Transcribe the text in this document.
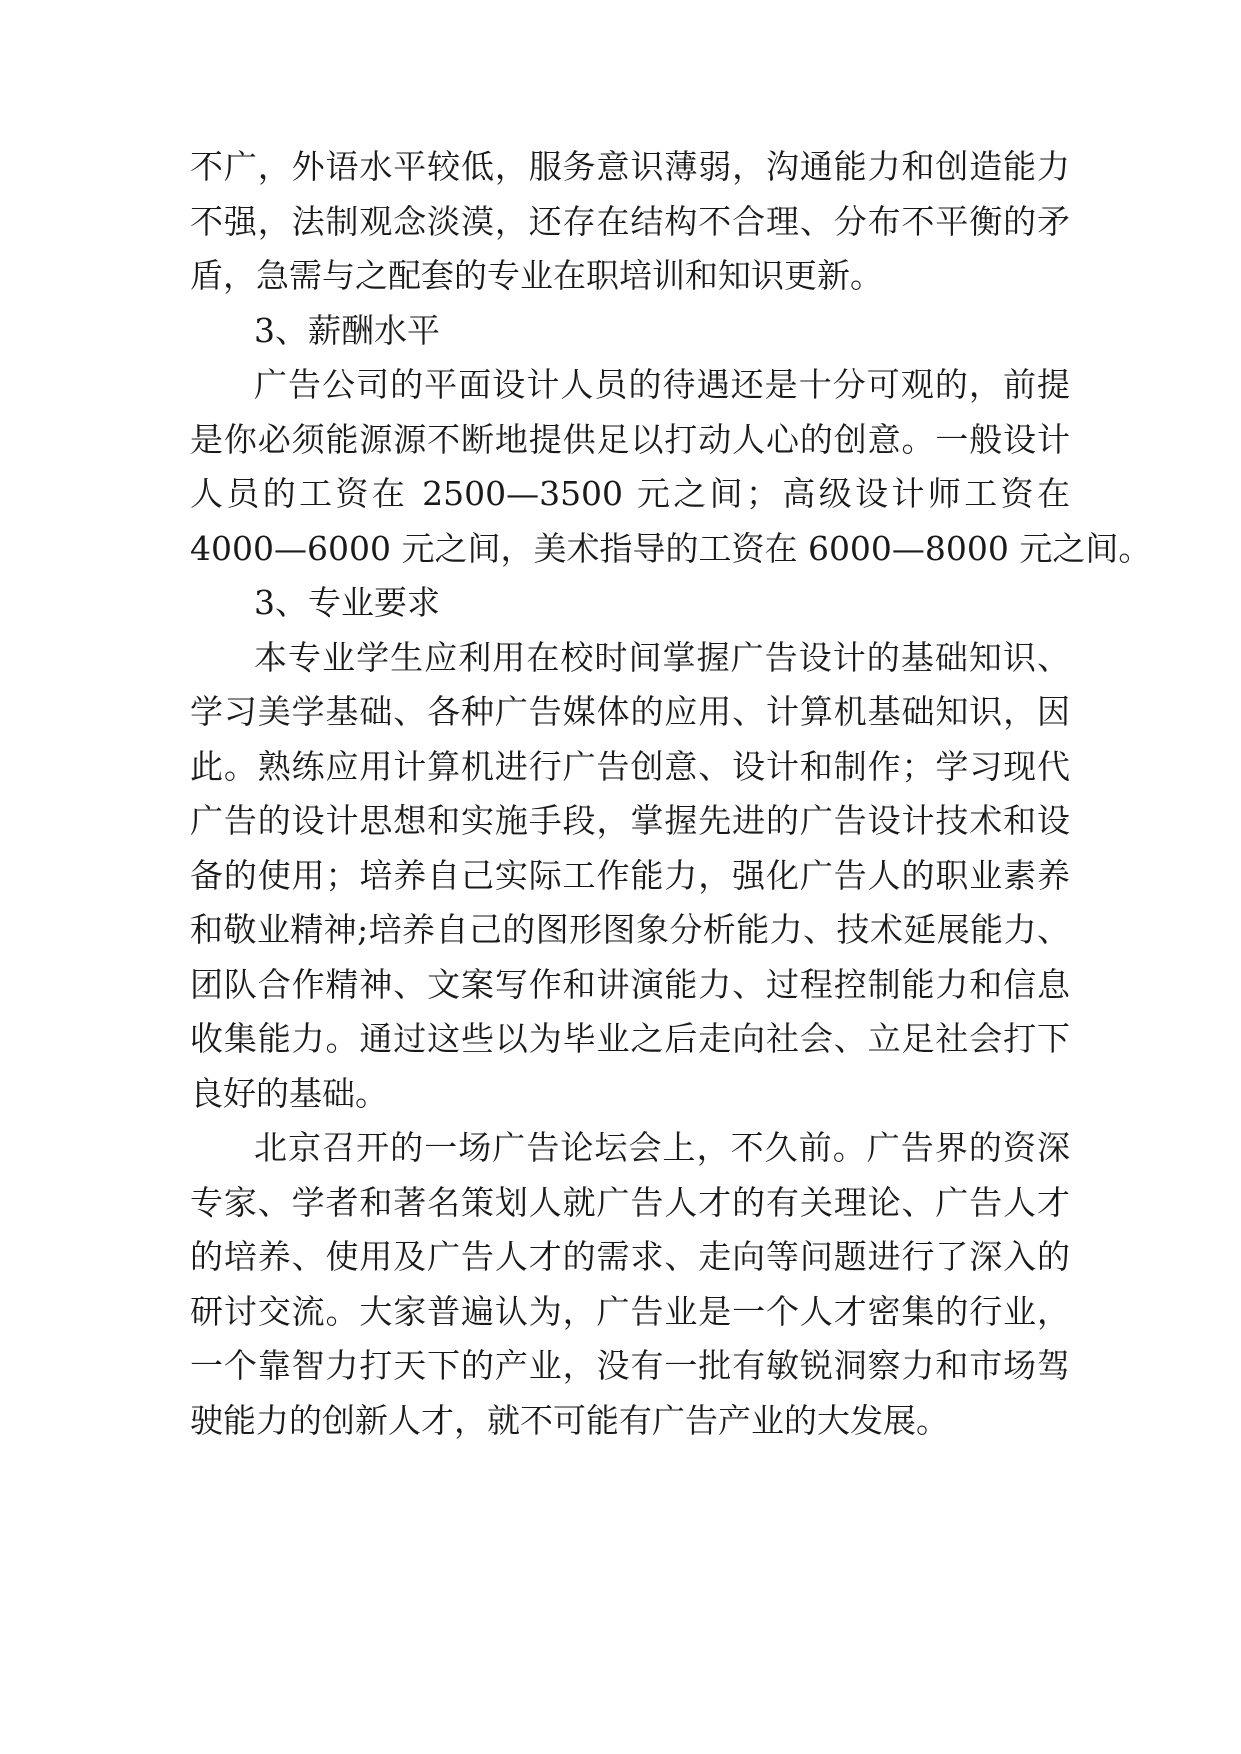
不广，外语水平较低，服务意识薄弱，沟通能力和创造能力
不强，法制观念淡漠，还存在结构不合理、分布不平衡的矛
盾，急需与之配套的专业在职培训和知识更新。
3、薪酬水平
广告公司的平面设计人员的待遇还是十分可观的，前提
是你必须能源源不断地提供足以打动人心的创意。一般设计
人员的工资在 2500—3500 元之间；高级设计师工资在
4000—6000 元之间，美术指导的工资在 6000—8000 元之间。
3、专业要求
本专业学生应利用在校时间掌握广告设计的基础知识、
学习美学基础、各种广告媒体的应用、计算机基础知识，因
此。熟练应用计算机进行广告创意、设计和制作；学习现代
广告的设计思想和实施手段，掌握先进的广告设计技术和设
备的使用；培养自己实际工作能力，强化广告人的职业素养
和敬业精神;培养自己的图形图象分析能力、技术延展能力、
团队合作精神、文案写作和讲演能力、过程控制能力和信息
收集能力。通过这些以为毕业之后走向社会、立足社会打下
良好的基础。
北京召开的一场广告论坛会上，不久前。广告界的资深
专家、学者和著名策划人就广告人才的有关理论、广告人才
的培养、使用及广告人才的需求、走向等问题进行了深入的
研讨交流。大家普遍认为，广告业是一个人才密集的行业，
一个靠智力打天下的产业，没有一批有敏锐洞察力和市场驾
驶能力的创新人才，就不可能有广告产业的大发展。
